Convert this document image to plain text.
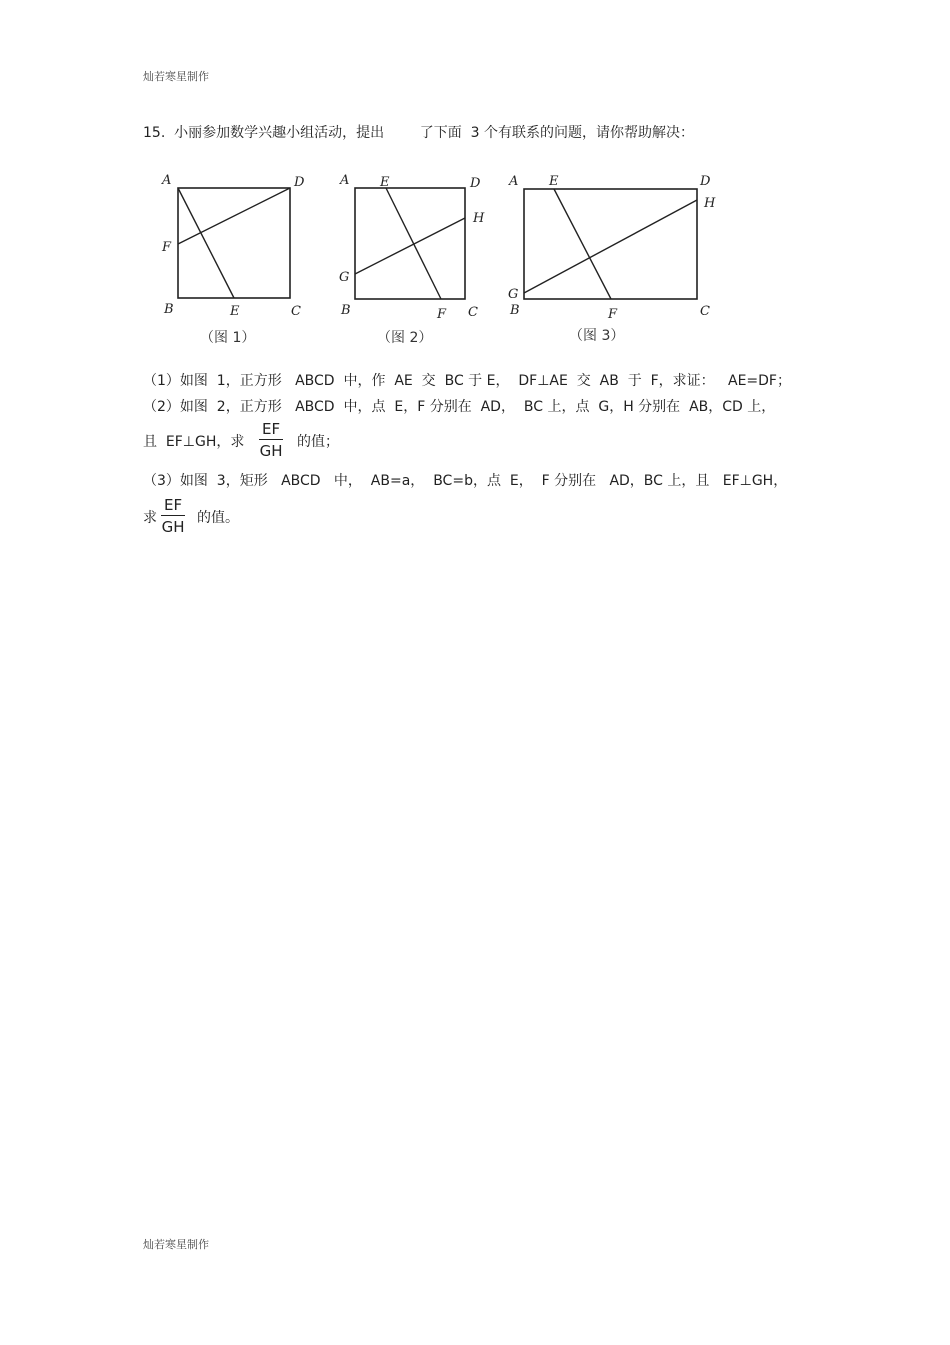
灿若寒星制作
15.  小丽参加数学兴趣小组活动，提出        了下面  3 个有联系的问题，请你帮助解决：
A	D
F
B	E	C
（图 1）
A E	D
H
G
B	F C
（图 2）
A E	D
H
G
B	F	C
（图 3）
（1）如图  1，正方形   ABCD  中，作  AE  交  BC 于 E，  DF⊥AE  交  AB  于  F，求证：   AE=DF；
（2）如图  2，正方形   ABCD  中，点  E，F 分别在  AD，  BC 上，点  G，H 分别在  AB，CD 上，
且  EF⊥GH，求 $\frac{EF}{GH}$ 的值；
（3）如图  3，矩形   ABCD   中，  AB=a，  BC=b，点  E，  F 分别在   AD，BC 上，且   EF⊥GH，
求 $\frac{EF}{GH}$ 的值。
灿若寒星制作
